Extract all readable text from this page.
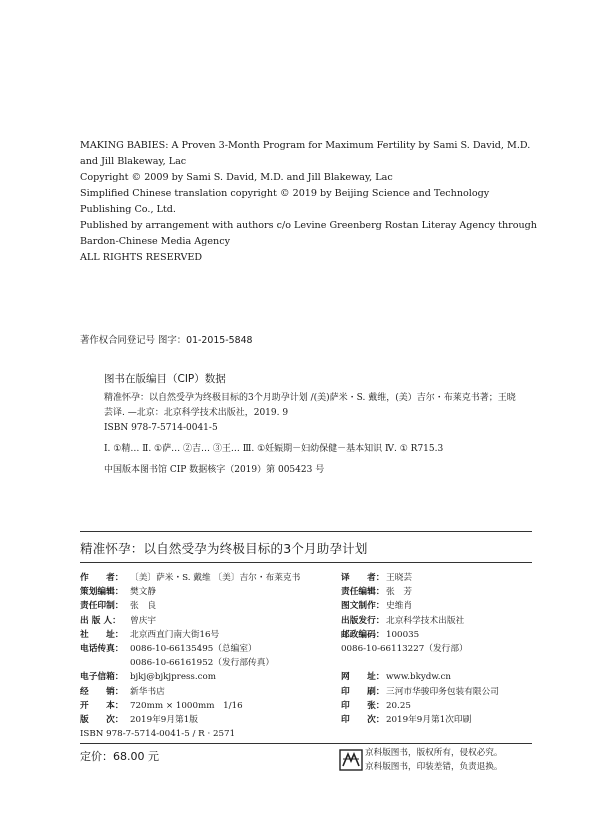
MAKING BABIES: A Proven 3-Month Program for Maximum Fertility by Sami S. David, M.D. and Jill Blakeway, Lac
Copyright © 2009 by Sami S. David, M.D. and Jill Blakeway, Lac
Simplified Chinese translation copyright © 2019 by Beijing Science and Technology Publishing Co., Ltd.
Published by arrangement with authors c/o Levine Greenberg Rostan Literay Agency through Bardon-Chinese Media Agency
ALL RIGHTS RESERVED
著作权合同登记号 图字：01-2015-5848
图书在版编目（CIP）数据
精准怀孕：以自然受孕为终极目标的3个月助孕计划 /(美)萨米・S. 戴维，(美）吉尔・布莱克书著；王晓芸译. —北京：北京科学技术出版社，2019. 9
ISBN 978-7-5714-0041-5
Ⅰ. ①精… Ⅱ. ①萨… ②吉… ③王… Ⅲ. ①妊娠期－妇幼保健－基本知识 Ⅳ. ① R715.3
中国版本图书馆 CIP 数据核字（2019）第 005423 号
精准怀孕：以自然受孕为终极目标的3个月助孕计划
作　　者： 〔美〕萨米・S. 戴维 〔美〕吉尔・布莱克书
策划编辑： 樊文静
责任印制： 张　良
出 版 人： 曾庆宇
社　　址： 北京西直门南大街16号
电话传真： 0086-10-66135495（总编室）
0086-10-66161952（发行部传真）
电子信箱： bjkj@bjkjpress.com
经　　销： 新华书店
开　　本： 720mm × 1000mm　1/16
版　　次： 2019年9月第1版
译　　者： 王晓芸
责任编辑： 张　芳
图文制作： 史维肖
出版发行： 北京科学技术出版社
邮政编码： 100035
0086-10-66113227（发行部）

网　　址： www.bkydw.cn
印　　刷： 三河市华骏印务包装有限公司
印　　张： 20.25
印　　次： 2019年9月第1次印刷
ISBN 978-7-5714-0041-5 / R · 2571
定价：68.00 元	京科版图书，版权所有，侵权必究。
京科版图书，印装差错，负责退换。
